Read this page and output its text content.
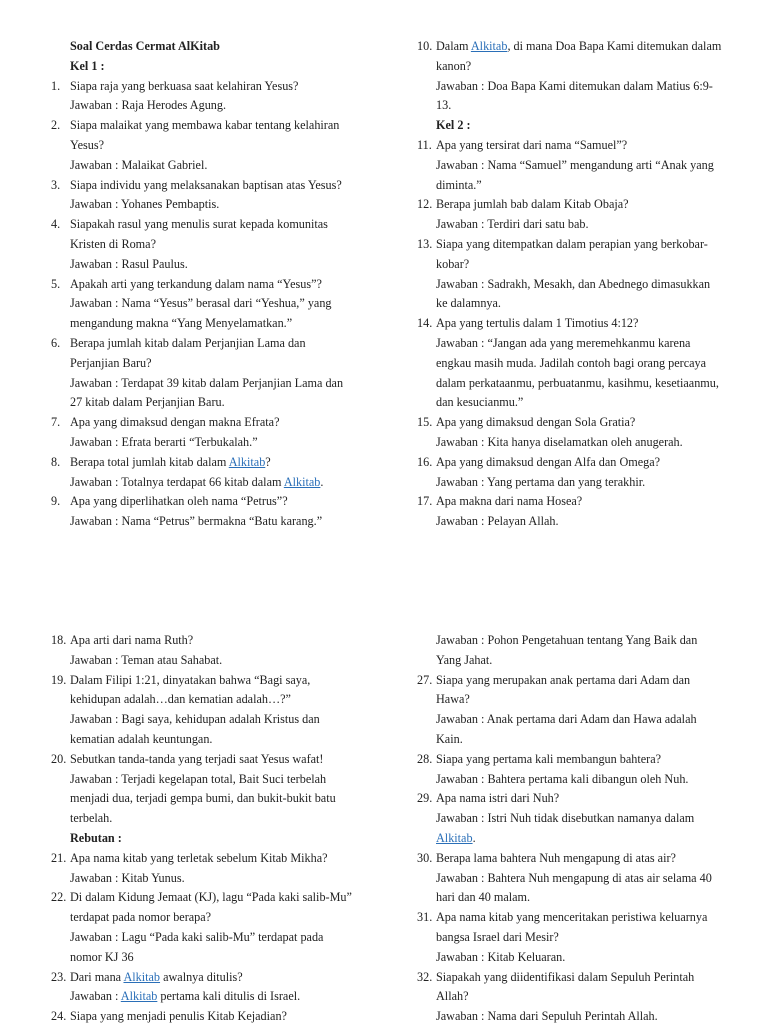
Soal Cerdas Cermat AlKitab
Kel 1 :
1. Siapa raja yang berkuasa saat kelahiran Yesus?
Jawaban : Raja Herodes Agung.
2. Siapa malaikat yang membawa kabar tentang kelahiran
Yesus?
Jawaban : Malaikat Gabriel.
3. Siapa individu yang melaksanakan baptisan atas Yesus?
Jawaban : Yohanes Pembaptis.
4. Siapakah rasul yang menulis surat kepada komunitas
Kristen di Roma?
Jawaban : Rasul Paulus.
5. Apakah arti yang terkandung dalam nama “Yesus”?
Jawaban : Nama “Yesus” berasal dari “Yeshua,” yang
mengandung makna “Yang Menyelamatkan.”
6. Berapa jumlah kitab dalam Perjanjian Lama dan
Perjanjian Baru?
Jawaban : Terdapat 39 kitab dalam Perjanjian Lama dan
27 kitab dalam Perjanjian Baru.
7. Apa yang dimaksud dengan makna Efrata?
Jawaban : Efrata berarti “Terbukalah.”
8. Berapa total jumlah kitab dalam Alkitab?
Jawaban : Totalnya terdapat 66 kitab dalam Alkitab.
9. Apa yang diperlihatkan oleh nama “Petrus”?
Jawaban : Nama “Petrus” bermakna “Batu karang.”
10. Dalam Alkitab, di mana Doa Bapa Kami ditemukan dalam
kanon?
Jawaban : Doa Bapa Kami ditemukan dalam Matius 6:9-
13.
Kel 2 :
11. Apa yang tersirat dari nama “Samuel”?
Jawaban : Nama “Samuel” mengandung arti “Anak yang
diminta.”
12. Berapa jumlah bab dalam Kitab Obaja?
Jawaban : Terdiri dari satu bab.
13. Siapa yang ditempatkan dalam perapian yang berkobar-
kobar?
Jawaban : Sadrakh, Mesakh, dan Abednego dimasukkan
ke dalamnya.
14. Apa yang tertulis dalam 1 Timotius 4:12?
Jawaban : “Jangan ada yang meremehkanmu karena
engkau masih muda. Jadilah contoh bagi orang percaya
dalam perkataanmu, perbuatanmu, kasihmu, kesetiaanmu,
dan kesucianmu.”
15. Apa yang dimaksud dengan Sola Gratia?
Jawaban : Kita hanya diselamatkan oleh anugerah.
16. Apa yang dimaksud dengan Alfa dan Omega?
Jawaban : Yang pertama dan yang terakhir.
17. Apa makna dari nama Hosea?
Jawaban : Pelayan Allah.
18. Apa arti dari nama Ruth?
Jawaban : Teman atau Sahabat.
19. Dalam Filipi 1:21, dinyatakan bahwa “Bagi saya,
kehidupan adalah…dan kematian adalah…?”
Jawaban : Bagi saya, kehidupan adalah Kristus dan
kematian adalah keuntungan.
20. Sebutkan tanda-tanda yang terjadi saat Yesus wafat!
Jawaban : Terjadi kegelapan total, Bait Suci terbelah
menjadi dua, terjadi gempa bumi, dan bukit-bukit batu
terbelah.
Rebutan :
21. Apa nama kitab yang terletak sebelum Kitab Mikha?
Jawaban : Kitab Yunus.
22. Di dalam Kidung Jemaat (KJ), lagu “Pada kaki salib-Mu”
terdapat pada nomor berapa?
Jawaban : Lagu “Pada kaki salib-Mu” terdapat pada
nomor KJ 36
23. Dari mana Alkitab awalnya ditulis?
Jawaban : Alkitab pertama kali ditulis di Israel.
24. Siapa yang menjadi penulis Kitab Kejadian?
Jawaban : Pohon Pengetahuan tentang Yang Baik dan
Yang Jahat.
27. Siapa yang merupakan anak pertama dari Adam dan
Hawa?
Jawaban : Anak pertama dari Adam dan Hawa adalah
Kain.
28. Siapa yang pertama kali membangun bahtera?
Jawaban : Bahtera pertama kali dibangun oleh Nuh.
29. Apa nama istri dari Nuh?
Jawaban : Istri Nuh tidak disebutkan namanya dalam
Alkitab.
30. Berapa lama bahtera Nuh mengapung di atas air?
Jawaban : Bahtera Nuh mengapung di atas air selama 40
hari dan 40 malam.
31. Apa nama kitab yang menceritakan peristiwa keluarnya
bangsa Israel dari Mesir?
Jawaban : Kitab Keluaran.
32. Siapakah yang diidentifikasi dalam Sepuluh Perintah
Allah?
Jawaban : Nama dari Sepuluh Perintah Allah.
